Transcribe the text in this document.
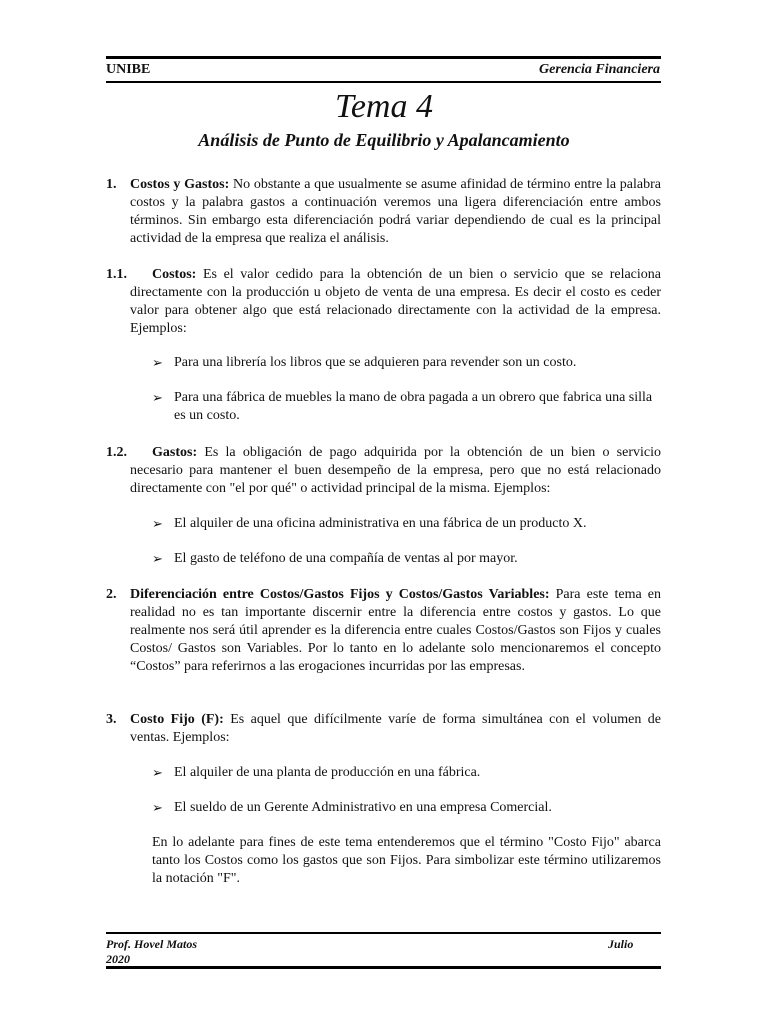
UNIBE	Gerencia Financiera
Tema 4
Análisis de Punto de Equilibrio y Apalancamiento
1. Costos y Gastos: No obstante a que usualmente se asume afinidad de término entre la palabra costos y la palabra gastos a continuación veremos una ligera diferenciación entre ambos términos. Sin embargo esta diferenciación podrá variar dependiendo de cual es la principal actividad de la empresa que realiza el análisis.
1.1.	Costos: Es el valor cedido para la obtención de un bien o servicio que se relaciona directamente con la producción u objeto de venta de una empresa. Es decir el costo es ceder valor para obtener algo que está relacionado directamente con la actividad de la empresa. Ejemplos:
➢ Para una librería los libros que se adquieren para revender son un costo.
➢ Para una fábrica de muebles la mano de obra pagada a un obrero que fabrica una silla es un costo.
1.2.	Gastos: Es la obligación de pago adquirida por la obtención de un bien o servicio necesario para mantener el buen desempeño de la empresa, pero que no está relacionado directamente con "el por qué" o actividad principal de la misma. Ejemplos:
➢ El alquiler de una oficina administrativa en una fábrica de un producto X.
➢ El gasto de teléfono de una compañía de ventas al por mayor.
2. Diferenciación entre Costos/Gastos Fijos y Costos/Gastos Variables: Para este tema en realidad no es tan importante discernir entre la diferencia entre costos y gastos. Lo que realmente nos será útil aprender es la diferencia entre cuales Costos/Gastos son Fijos y cuales Costos/ Gastos son Variables. Por lo tanto en lo adelante solo mencionaremos el concepto “Costos” para referirnos a las erogaciones incurridas por las empresas.
3. Costo Fijo (F): Es aquel que difícilmente varíe de forma simultánea con el volumen de ventas. Ejemplos:
➢ El alquiler de una planta de producción en una fábrica.
➢ El sueldo de un Gerente Administrativo en una empresa Comercial.
En lo adelante para fines de este tema entenderemos que el término "Costo Fijo" abarca tanto los Costos como los gastos que son Fijos. Para simbolizar este término utilizaremos la notación "F".
Prof. Hovel Matos	Julio
2020
